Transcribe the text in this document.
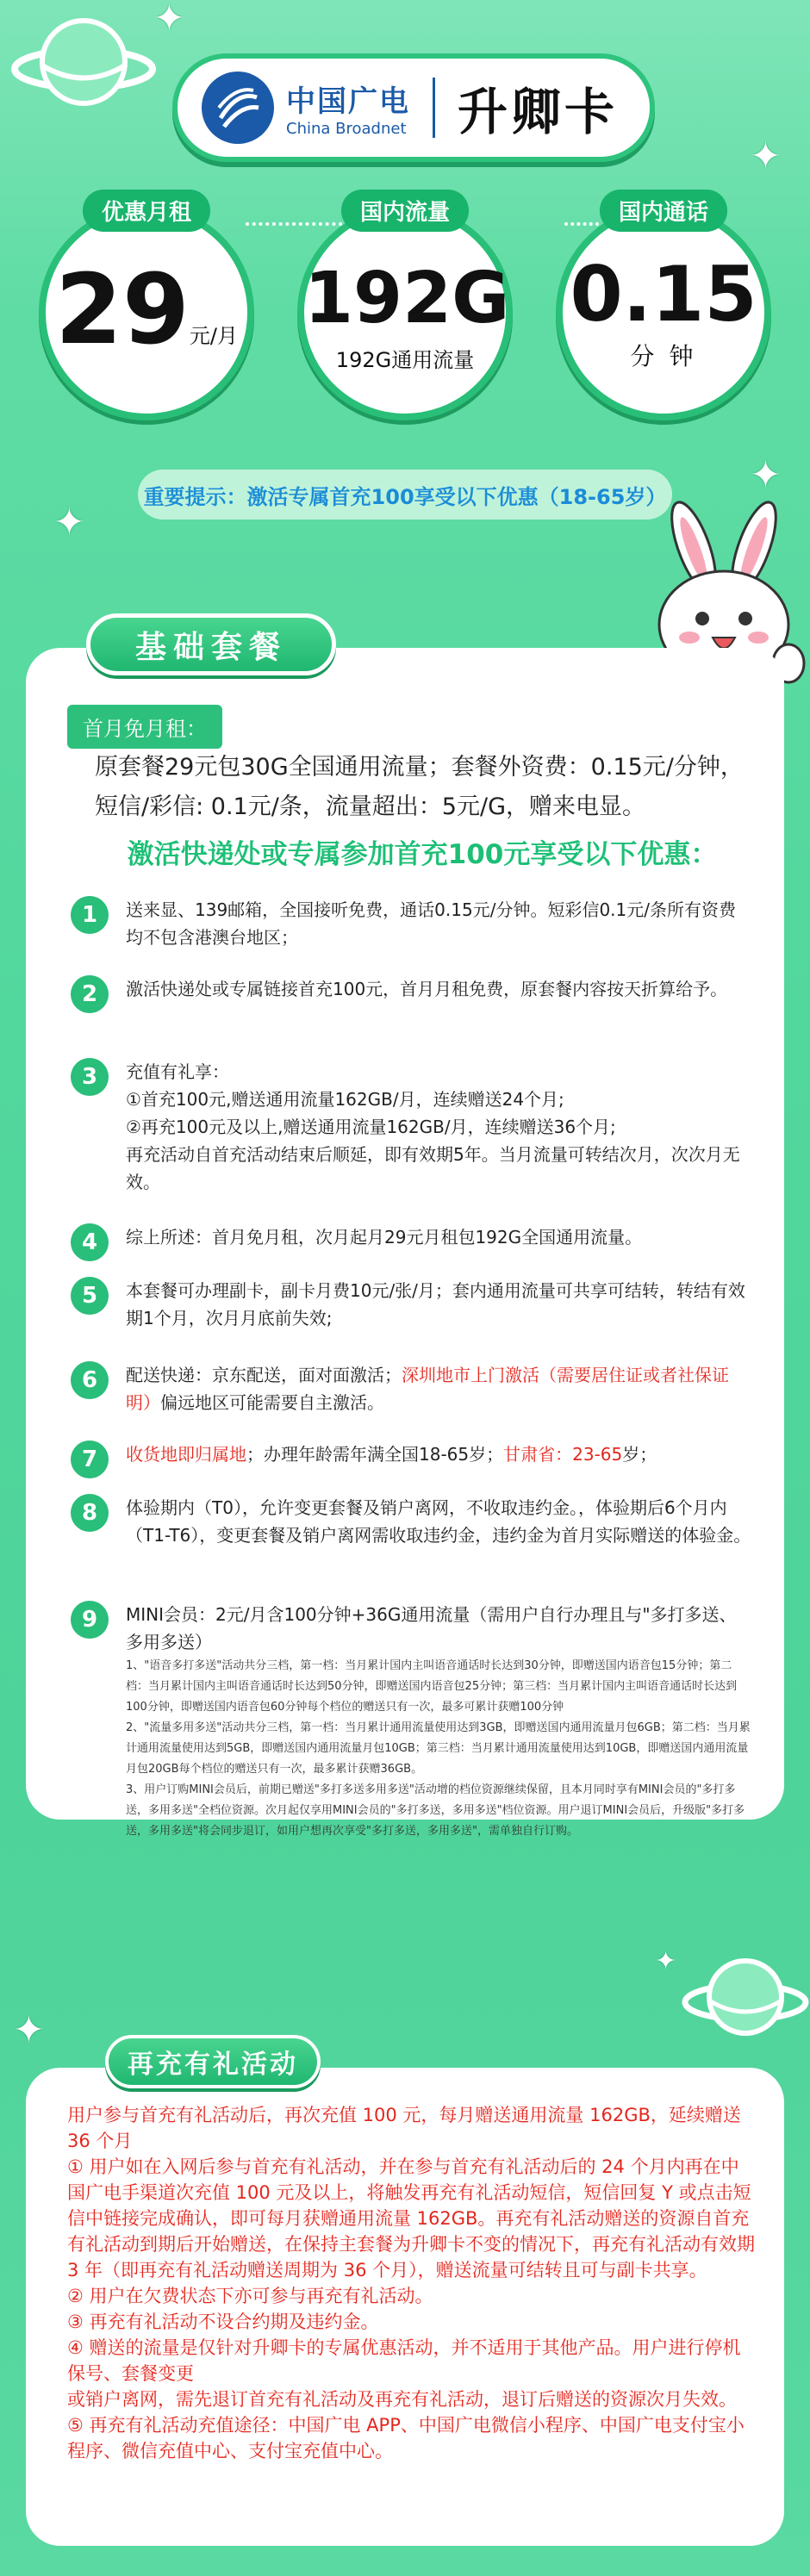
✦
✦
✦
✦
✦
✦
中国广电
China Broadnet 升卿卡
优惠月租
29元/月
国内流量
192G
192G通用流量
国内通话
0.15
分 钟
重要提示：激活专属首充100享受以下优惠（18-65岁）
基础套餐
首月免月租：
原套餐29元包30G全国通用流量；套餐外资费：0.15元/分钟，
短信/彩信: 0.1元/条，流量超出：5元/G，赠来电显。
激活快递处或专属参加首充100元享受以下优惠：
1	送来显、139邮箱，全国接听免费，通话0.15元/分钟。短彩信0.1元/条所有资费均不包含港澳台地区；
2	激活快递处或专属链接首充100元，首月月租免费，原套餐内容按天折算给予。
3	充值有礼享：
①首充100元,赠送通用流量162GB/月，连续赠送24个月;
②再充100元及以上,赠送通用流量162GB/月，连续赠送36个月;
再充活动自首充活动结束后顺延，即有效期5年。当月流量可转结次月，次次月无效。
4	综上所述：首月免月租，次月起月29元月租包192G全国通用流量。
5	本套餐可办理副卡，副卡月费10元/张/月；套内通用流量可共享可结转，转结有效期1个月，次月月底前失效;
6	配送快递：京东配送，面对面激活；深圳地市上门激活（需要居住证或者社保证明）偏远地区可能需要自主激活。
7	收货地即归属地；办理年龄需年满全国18-65岁；甘肃省：23-65岁；
8	体验期内（T0），允许变更套餐及销户离网，不收取违约金。，体验期后6个月内（T1-T6），变更套餐及销户离网需收取违约金，违约金为首月实际赠送的体验金。
9	MINI会员：2元/月含100分钟+36G通用流量（需用户自行办理且与"多打多送、多用多送）
1、"语音多打多送"活动共分三档，第一档：当月累计国内主叫语音通话时长达到30分钟，即赠送国内语音包15分钟；第二档：当月累计国内主叫语音通话时长达到50分钟，即赠送国内语音包25分钟；第三档：当月累计国内主叫语音通话时长达到100分钟，即赠送国内语音包60分钟每个档位的赠送只有一次，最多可累计获赠100分钟
2、"流量多用多送"活动共分三档，第一档：当月累计通用流量使用达到3GB，即赠送国内通用流量月包6GB；第二档：当月累计通用流量使用达到5GB，即赠送国内通用流量月包10GB；第三档：当月累计通用流量使用达到10GB，即赠送国内通用流量月包20GB每个档位的赠送只有一次，最多累计获赠36GB。
3、用户订购MINI会员后，前期已赠送"多打多送多用多送"活动增的档位资源继续保留，且本月同时享有MINI会员的"多打多送，多用多送"全档位资源。次月起仅享用MINI会员的"多打多送，多用多送"档位资源。用户退订MINI会员后，升级版"多打多送，多用多送"将会同步退订，如用户想再次享受"多打多送，多用多送"，需单独自行订购。
再充有礼活动
用户参与首充有礼活动后，再次充值 100 元，每月赠送通用流量 162GB，延续赠送 36 个月
① 用户如在入网后参与首充有礼活动，并在参与首充有礼活动后的 24 个月内再在中国广电手渠道次充值 100 元及以上，将触发再充有礼活动短信，短信回复 Y 或点击短信中链接完成确认，即可每月获赠通用流量 162GB。再充有礼活动赠送的资源自首充有礼活动到期后开始赠送，在保持主套餐为升卿卡不变的情况下，再充有礼活动有效期 3 年（即再充有礼活动赠送周期为 36 个月），赠送流量可结转且可与副卡共享。
② 用户在欠费状态下亦可参与再充有礼活动。
③ 再充有礼活动不设合约期及违约金。
④ 赠送的流量是仅针对升卿卡的专属优惠活动，并不适用于其他产品。用户进行停机保号、套餐变更
或销户离网，需先退订首充有礼活动及再充有礼活动，退订后赠送的资源次月失效。
⑤ 再充有礼活动充值途径：中国广电 APP、中国广电微信小程序、中国广电支付宝小程序、微信充值中心、支付宝充值中心。
